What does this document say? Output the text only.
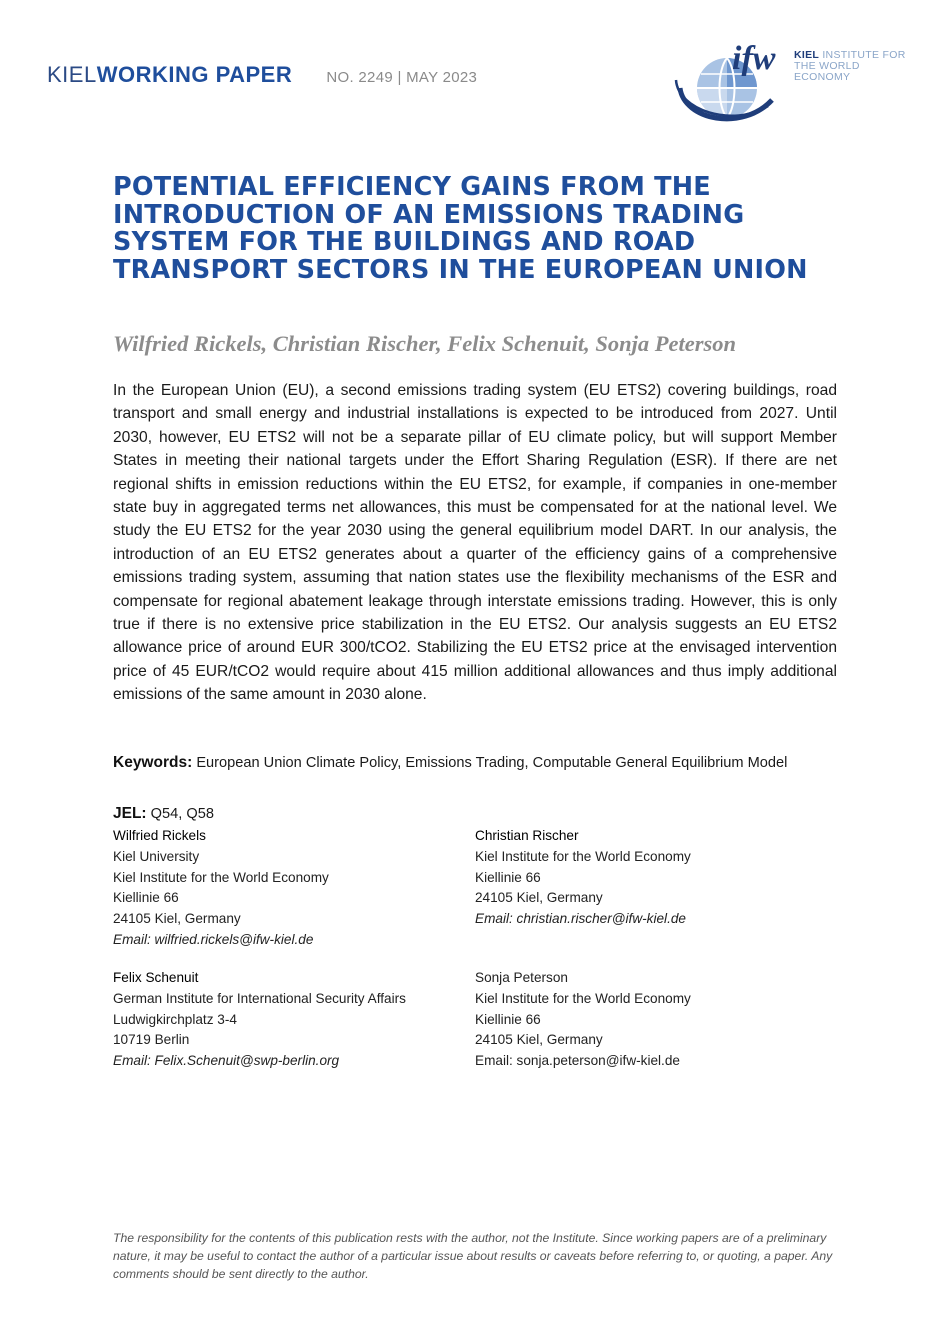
KIELWORKING PAPER NO. 2249 | MAY 2023
ifw KIEL INSTITUTE FOR
THE WORLD ECONOMY
POTENTIAL EFFICIENCY GAINS FROM THE INTRODUCTION OF AN EMISSIONS TRADING SYSTEM FOR THE BUILDINGS AND ROAD TRANSPORT SECTORS IN THE EUROPEAN UNION

Wilfried Rickels, Christian Rischer, Felix Schenuit, Sonja Peterson

In the European Union (EU), a second emissions trading system (EU ETS2) covering buildings, road transport and small energy and industrial installations is expected to be introduced from 2027. Until 2030, however, EU ETS2 will not be a separate pillar of EU climate policy, but will support Member States in meeting their national targets under the Effort Sharing Regulation (ESR). If there are net regional shifts in emission reductions within the EU ETS2, for example, if companies in one-member state buy in aggregated terms net allowances, this must be compensated for at the national level. We study the EU ETS2 for the year 2030 using the general equilibrium model DART. In our analysis, the introduction of an EU ETS2 generates about a quarter of the efficiency gains of a comprehensive emissions trading system, assuming that nation states use the flexibility mechanisms of the ESR and compensate for regional abatement leakage through interstate emissions trading. However, this is only true if there is no extensive price stabilization in the EU ETS2. Our analysis suggests an EU ETS2 allowance price of around EUR 300/tCO2. Stabilizing the EU ETS2 price at the envisaged intervention price of 45 EUR/tCO2 would require about 415 million additional allowances and thus imply additional emissions of the same amount in 2030 alone.

Keywords: European Union Climate Policy, Emissions Trading, Computable General Equilibrium Model

JEL: Q54, Q58

Wilfried Rickels
Kiel University
Kiel Institute for the World Economy
Kiellinie 66
24105 Kiel, Germany
Email: wilfried.rickels@ifw-kiel.de
Christian Rischer
Kiel Institute for the World Economy
Kiellinie 66
24105 Kiel, Germany
Email: christian.rischer@ifw-kiel.de
Felix Schenuit
German Institute for International Security Affairs
Ludwigkirchplatz 3-4
10719 Berlin
Email: Felix.Schenuit@swp-berlin.org
Sonja Peterson
Kiel Institute for the World Economy
Kiellinie 66
24105 Kiel, Germany
Email: sonja.peterson@ifw-kiel.de

The responsibility for the contents of this publication rests with the author, not the Institute. Since working papers are of a preliminary nature, it may be useful to contact the author of a particular issue about results or caveats before referring to, or quoting, a paper. Any comments should be sent directly to the author.
